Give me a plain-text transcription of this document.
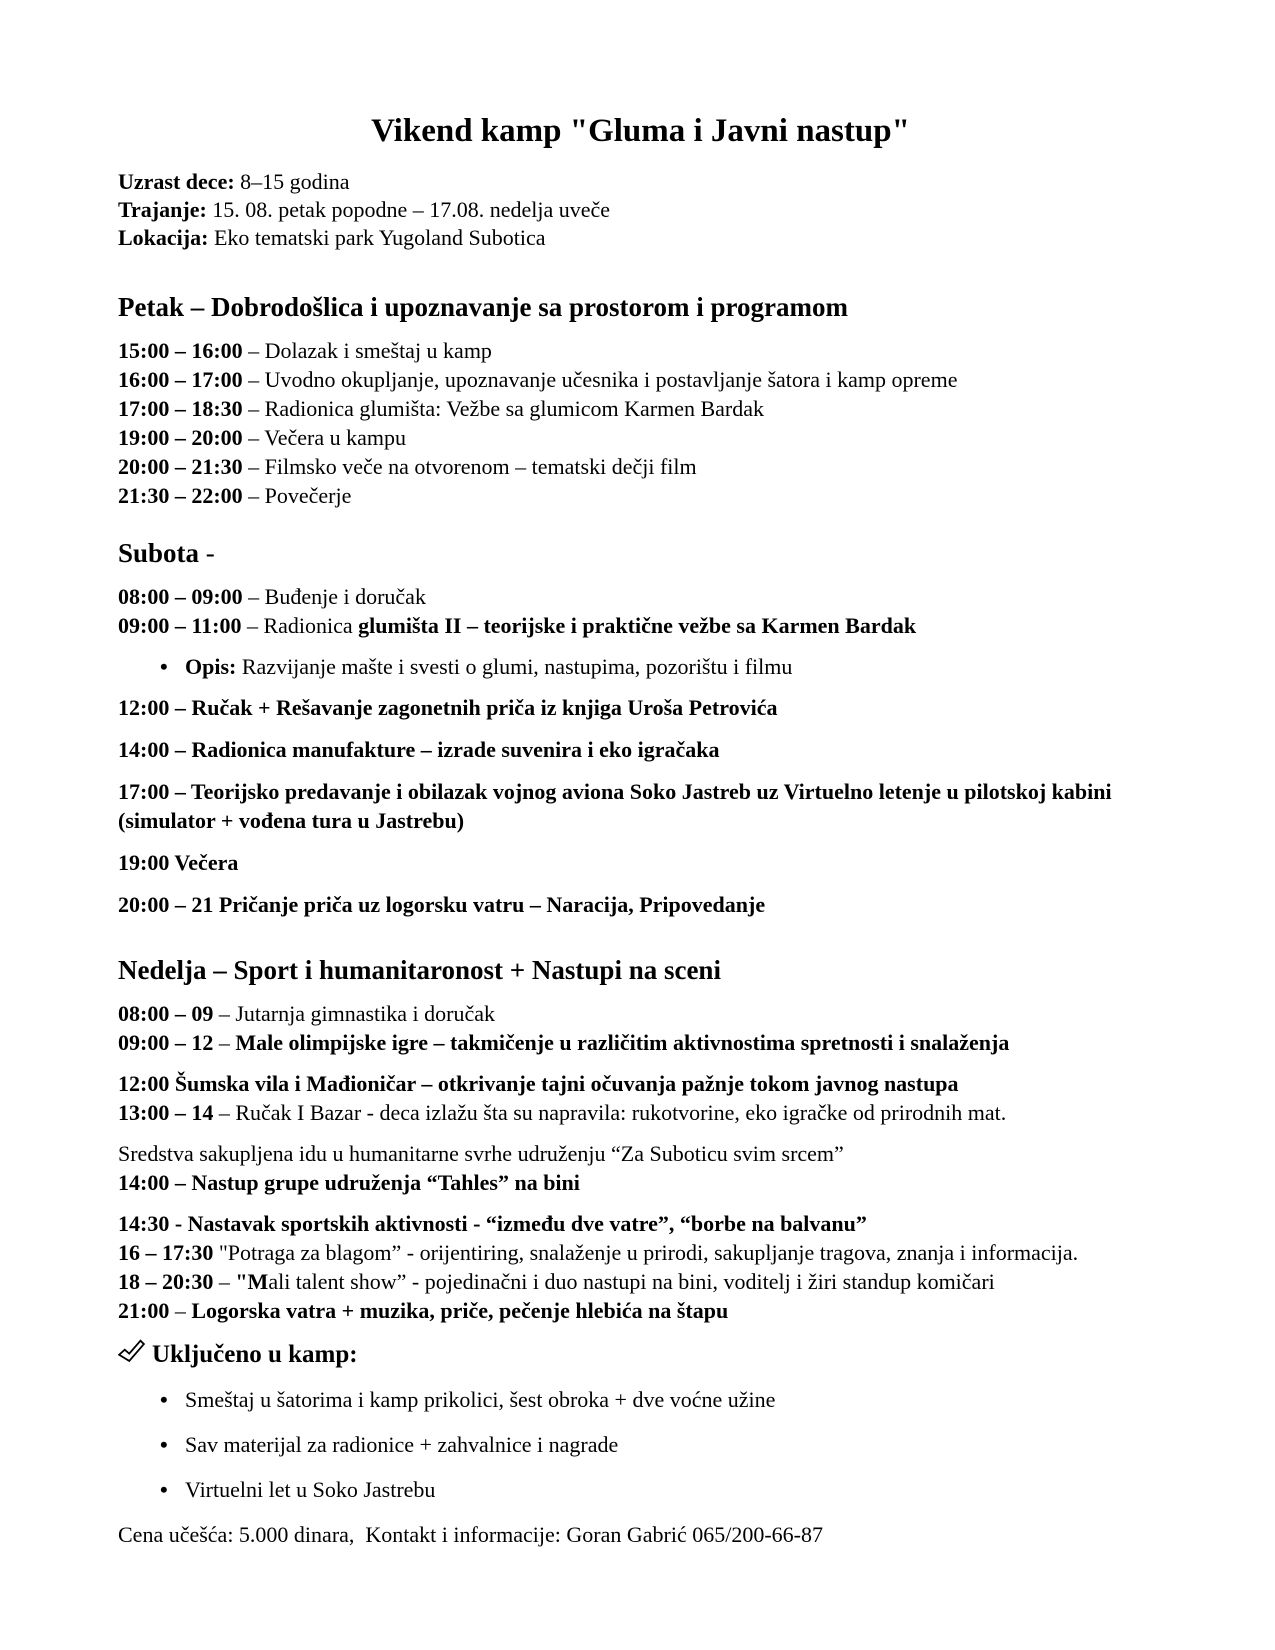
Vikend kamp "Gluma i Javni nastup"
Uzrast dece: 8–15 godina
Trajanje: 15. 08. petak popodne – 17.08. nedelja uveče
Lokacija: Eko tematski park Yugoland Subotica
Petak – Dobrodošlica i upoznavanje sa prostorom i programom
15:00 – 16:00 – Dolazak i smeštaj u kamp
16:00 – 17:00 – Uvodno okupljanje, upoznavanje učesnika i postavljanje šatora i kamp opreme
17:00 – 18:30 – Radionica glumišta: Vežbe sa glumicom Karmen Bardak
19:00 – 20:00 – Večera u kampu
20:00 – 21:30 – Filmsko veče na otvorenom – tematski dečji film
21:30 – 22:00 – Povečerje
Subota -
08:00 – 09:00 – Buđenje i doručak
09:00 – 11:00 – Radionica glumišta II – teorijske i praktične vežbe sa Karmen Bardak
• Opis: Razvijanje mašte i svesti o glumi, nastupima, pozorištu i filmu

12:00 – Ručak + Rešavanje zagonetnih priča iz knjiga Uroša Petrovića

14:00 – Radionica manufakture – izrade suvenira i eko igračaka

17:00 – Teorijsko predavanje i obilazak vojnog aviona Soko Jastreb uz Virtuelno letenje u pilotskoj kabini (simulator + vođena tura u Jastrebu)

19:00 Večera

20:00 – 21 Pričanje priča uz logorsku vatru – Naracija, Pripovedanje

Nedelja – Sport i humanitaronost + Nastupi na sceni
08:00 – 09 – Jutarnja gimnastika i doručak
09:00 – 12 – Male olimpijske igre – takmičenje u različitim aktivnostima spretnosti i snalaženja
12:00 Šumska vila i Mađioničar – otkrivanje tajni očuvanja pažnje tokom javnog nastupa
13:00 – 14 – Ručak I Bazar - deca izlažu šta su napravila: rukotvorine, eko igračke od prirodnih mat.
Sredstva sakupljena idu u humanitarne svrhe udruženju “Za Suboticu svim srcem”
14:00 – Nastup grupe udruženja “Tahles” na bini
14:30 - Nastavak sportskih aktivnosti - “između dve vatre”, “borbe na balvanu”
16 – 17:30 "Potraga za blagom” - orijentiring, snalaženje u prirodi, sakupljanje tragova, znanja i informacija.
18 – 20:30 – "Mali talent show” - pojedinačni i duo nastupi na bini, voditelj i žiri standup komičari
21:00 – Logorska vatra + muzika, priče, pečenje hlebića na štapu
Uključeno u kamp:
• Smeštaj u šatorima i kamp prikolici, šest obroka + dve voćne užine
• Sav materijal za radionice + zahvalnice i nagrade
• Virtuelni let u Soko Jastrebu

Cena učešća: 5.000 dinara,  Kontakt i informacije: Goran Gabrić 065/200-66-87
